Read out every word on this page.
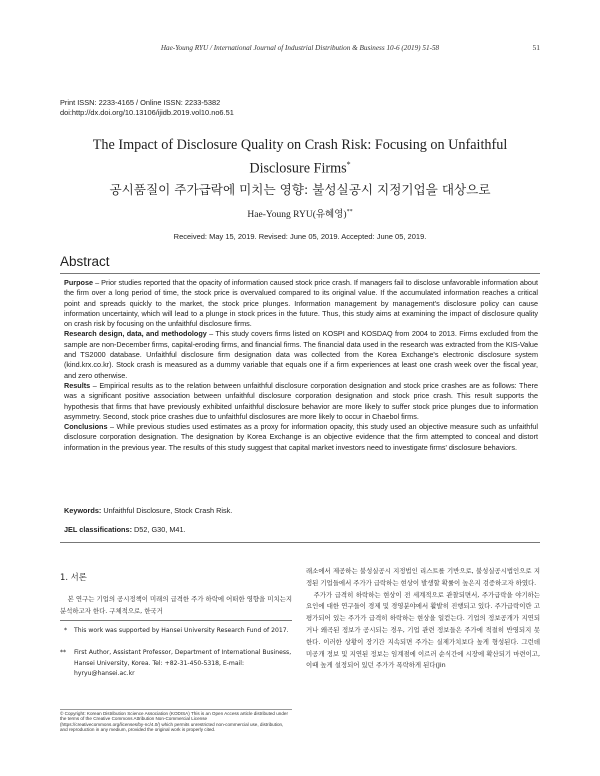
Hae-Young RYU / International Journal of Industrial Distribution & Business 10-6 (2019) 51-58	51
Print ISSN: 2233-4165 / Online ISSN: 2233-5382
doi:http://dx.doi.org/10.13106/ijidb.2019.vol10.no6.51
The Impact of Disclosure Quality on Crash Risk: Focusing on Unfaithful
Disclosure Firms*
공시품질이 주가급락에 미치는 영향: 불성실공시 지정기업을 대상으로
Hae-Young RYU(유혜영)**
Received: May 15, 2019. Revised: June 05, 2019. Accepted: June 05, 2019.
Abstract

Purpose – Prior studies reported that the opacity of information caused stock price crash. If managers fail to disclose unfavorable information about the firm over a long period of time, the stock price is overvalued compared to its original value. If the accumulated information reaches a critical point and spreads quickly to the market, the stock price plunges. Information management by management's disclosure policy can cause information uncertainty, which will lead to a plunge in stock prices in the future. Thus, this study aims at examining the impact of disclosure quality on crash risk by focusing on the unfaithful disclosure firms.

Research design, data, and methodology – This study covers firms listed on KOSPI and KOSDAQ from 2004 to 2013. Firms excluded from the sample are non-December firms, capital-eroding firms, and financial firms. The financial data used in the research was extracted from the KIS-Value and TS2000 database. Unfaithful disclosure firm designation data was collected from the Korea Exchange's electronic disclosure system (kind.krx.co.kr). Stock crash is measured as a dummy variable that equals one if a firm experiences at least one crash week over the fiscal year, and zero otherwise.

Results – Empirical results as to the relation between unfaithful disclosure corporation designation and stock price crashes are as follows: There was a significant positive association between unfaithful disclosure corporation designation and stock price crash. This result supports the hypothesis that firms that have previously exhibited unfaithful disclosure behavior are more likely to suffer stock price plunges due to information asymmetry. Second, stock price crashes due to unfaithful disclosures are more likely to occur in Chaebol firms.

Conclusions – While previous studies used estimates as a proxy for information opacity, this study used an objective measure such as unfaithful disclosure corporation designation. The designation by Korea Exchange is an objective evidence that the firm attempted to conceal and distort information in the previous year. The results of this study suggest that capital market investors need to investigate firms' disclosure behaviors.

Keywords: Unfaithful Disclosure, Stock Crash Risk.
JEL classifications: D52, G30, M41.
1. 서론

본 연구는 기업의 공시정책이 미래의 급격한 주가 하락에 어떠한 영향을 미치는지 분석하고자 한다. 구체적으로, 한국거

* This work was supported by Hansei University Research Fund of 2017.
** First Author, Assistant Professor, Department of International Business, Hansei University, Korea. Tel: +82-31-450-5318, E-mail: hyryu@hansei.ac.kr
© Copyright: Korean Distribution Science Association (KODISA) This is an Open Access article distributed under the terms of the Creative Commons Attribution Non-Commercial License (https://creativecommons.org/licenses/by-nc/4.0/) which permits unrestricted non-commercial use, distribution, and reproduction in any medium, provided the original work is properly cited.

래소에서 제공하는 불성실공시 지정법인 리스트를 기반으로, 불성실공시법인으로 지정된 기업들에서 주가가 급락하는 현상이 발생할 확률이 높은지 검증하고자 하였다.

주가가 급격히 하락하는 현상이 전 세계적으로 관찰되면서, 주가급락을 야기하는 요인에 대한 연구들이 경제 및 경영분야에서 활발히 진행되고 있다. 주가급락이란 고평가되어 있는 주가가 급격히 하락하는 현상을 일컫는다. 기업의 정보공개가 지연되거나 왜곡된 정보가 공시되는 경우, 기업 관련 정보들은 주가에 적절히 반영되지 못한다. 이러한 상황이 장기간 지속되면 주가는 실제가치보다 높게 형성된다. 그런데 미공개 정보 및 지연된 정보는 임계점에 이르러 순식간에 시장에 확산되기 마련이고, 이때 높게 설정되어 있던 주가가 폭락하게 된다(Jin
